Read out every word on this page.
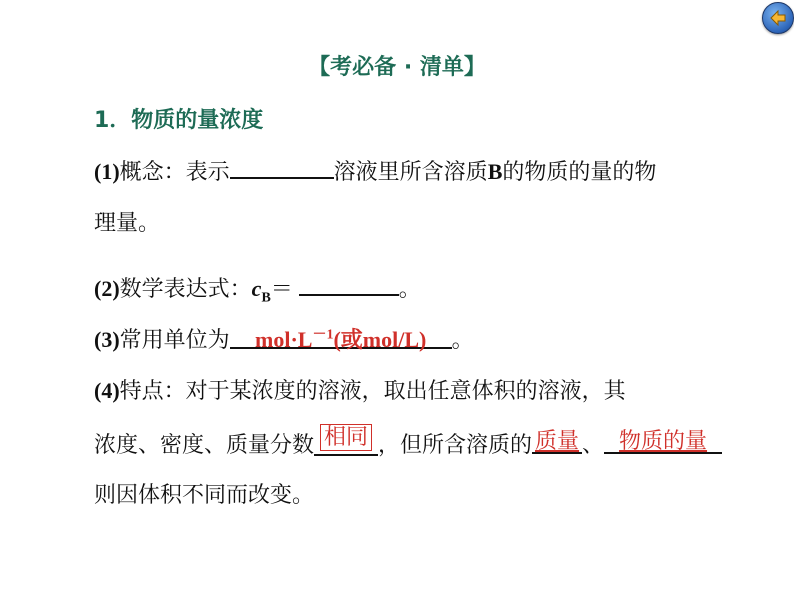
【考必备 · 清单】
1．物质的量浓度
(1)概念：表示	溶液里所含溶质B的物质的量的物
理量。
(2)数学表达式：$c_B=$	。
(3)常用单位为 $mol\cdot L^{-1}$(或mol/L) 。
(4)特点：对于某浓度的溶液，取出任意体积的溶液，其
浓度、密度、质量分数 相同 ，但所含溶质的 质量 、 物质的量
则因体积不同而改变。
